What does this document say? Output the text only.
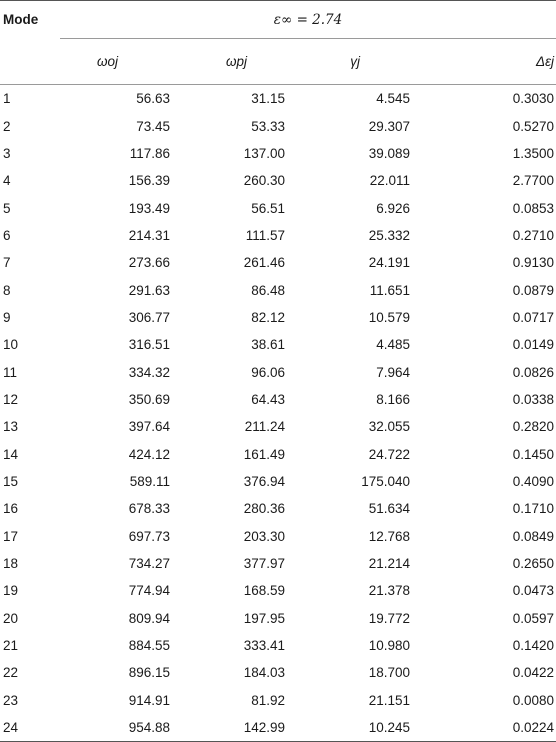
Mode	ε∞ = 2.74			
	ωoj	ωpj	γj	Δεj

1	56.63	31.15	4.545	0.3030
2	73.45	53.33	29.307	0.5270
3	117.86	137.00	39.089	1.3500
4	156.39	260.30	22.011	2.7700
5	193.49	56.51	6.926	0.0853
6	214.31	111.57	25.332	0.2710
7	273.66	261.46	24.191	0.9130
8	291.63	86.48	11.651	0.0879
9	306.77	82.12	10.579	0.0717
10	316.51	38.61	4.485	0.0149
11	334.32	96.06	7.964	0.0826
12	350.69	64.43	8.166	0.0338
13	397.64	211.24	32.055	0.2820
14	424.12	161.49	24.722	0.1450
15	589.11	376.94	175.040	0.4090
16	678.33	280.36	51.634	0.1710
17	697.73	203.30	12.768	0.0849
18	734.27	377.97	21.214	0.2650
19	774.94	168.59	21.378	0.0473
20	809.94	197.95	19.772	0.0597
21	884.55	333.41	10.980	0.1420
22	896.15	184.03	18.700	0.0422
23	914.91	81.92	21.151	0.0080
24	954.88	142.99	10.245	0.0224
